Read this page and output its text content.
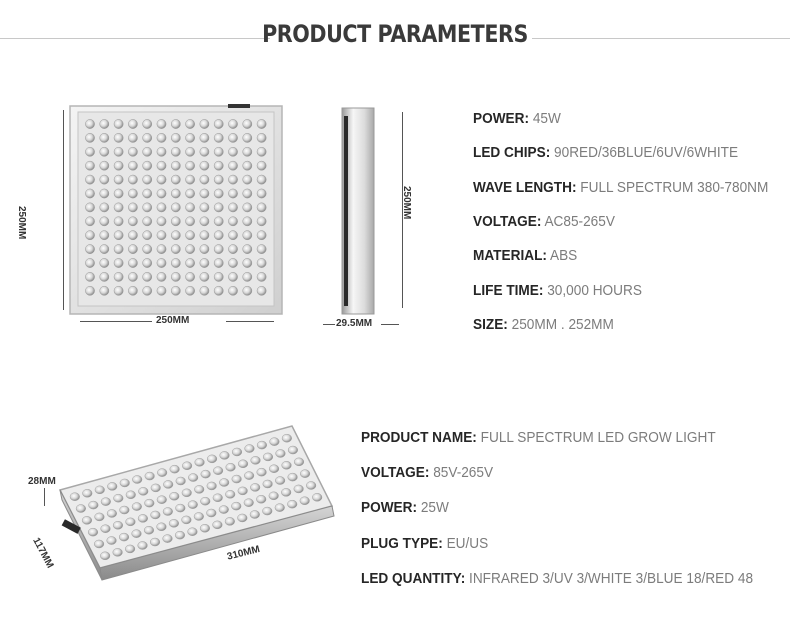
PRODUCT PARAMETERS
250MM
250MM
250MM
29.5MM
POWER: 45W
LED CHIPS: 90RED/36BLUE/6UV/6WHITE
WAVE LENGTH: FULL SPECTRUM 380-780NM
VOLTAGE: AC85-265V
MATERIAL: ABS
LIFE TIME: 30,000 HOURS
SIZE: 250MM . 252MM
28MM
117MM	310MM
PRODUCT NAME: FULL SPECTRUM LED GROW LIGHT
VOLTAGE: 85V-265V
POWER: 25W
PLUG TYPE: EU/US
LED QUANTITY: INFRARED 3/UV 3/WHITE 3/BLUE 18/RED 48
